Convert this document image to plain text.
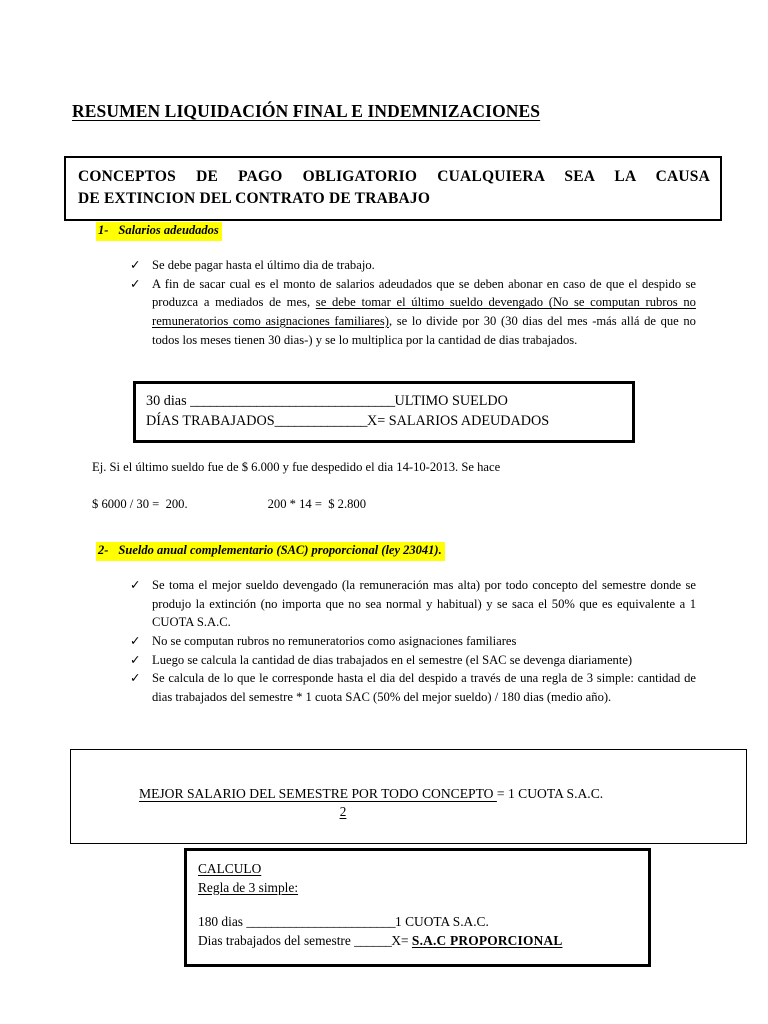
RESUMEN LIQUIDACIÓN FINAL E INDEMNIZACIONES
CONCEPTOS DE PAGO OBLIGATORIO CUALQUIERA SEA LA CAUSA
DE EXTINCION DEL CONTRATO DE TRABAJO
1- Salarios adeudados
✓ Se debe pagar hasta el último dia de trabajo.
✓ A fin de sacar cual es el monto de salarios adeudados que se deben abonar en caso de que el despido se produzca a mediados de mes, se debe tomar el último sueldo devengado (No se computan rubros no remuneratorios como asignaciones familiares), se lo divide por 30 (30 dias del mes -más allá de que no todos los meses tienen 30 dias-) y se lo multiplica por la cantidad de dias trabajados.
30 dias _______________________________ULTIMO SUELDO
DÍAS TRABAJADOS______________X= SALARIOS ADEUDADOS
Ej. Si el último sueldo fue de $ 6.000 y fue despedido el dia 14-10-2013. Se hace
$ 6000 / 30 =  200.	200 * 14 =  $ 2.800
2- Sueldo anual complementario (SAC) proporcional (ley 23041).
✓ Se toma el mejor sueldo devengado (la remuneración mas alta) por todo concepto del semestre donde se produjo la extinción (no importa que no sea normal y habitual) y se saca el 50% que es equivalente a 1 CUOTA S.A.C.
✓ No se computan rubros no remuneratorios como asignaciones familiares
✓ Luego se calcula la cantidad de dias trabajados en el semestre (el SAC se devenga diariamente)
✓ Se calcula de lo que le corresponde hasta el dia del despido a través de una regla de 3 simple: cantidad de dias trabajados del semestre * 1 cuota SAC (50% del mejor sueldo) / 180 dias (medio año).
MEJOR SALARIO DEL SEMESTRE POR TODO CONCEPTO = 1 CUOTA S.A.C.
2
CALCULO
Regla de 3 simple:
180 dias ________________________1 CUOTA S.A.C.
Dias trabajados del semestre ______X= S.A.C PROPORCIONAL
